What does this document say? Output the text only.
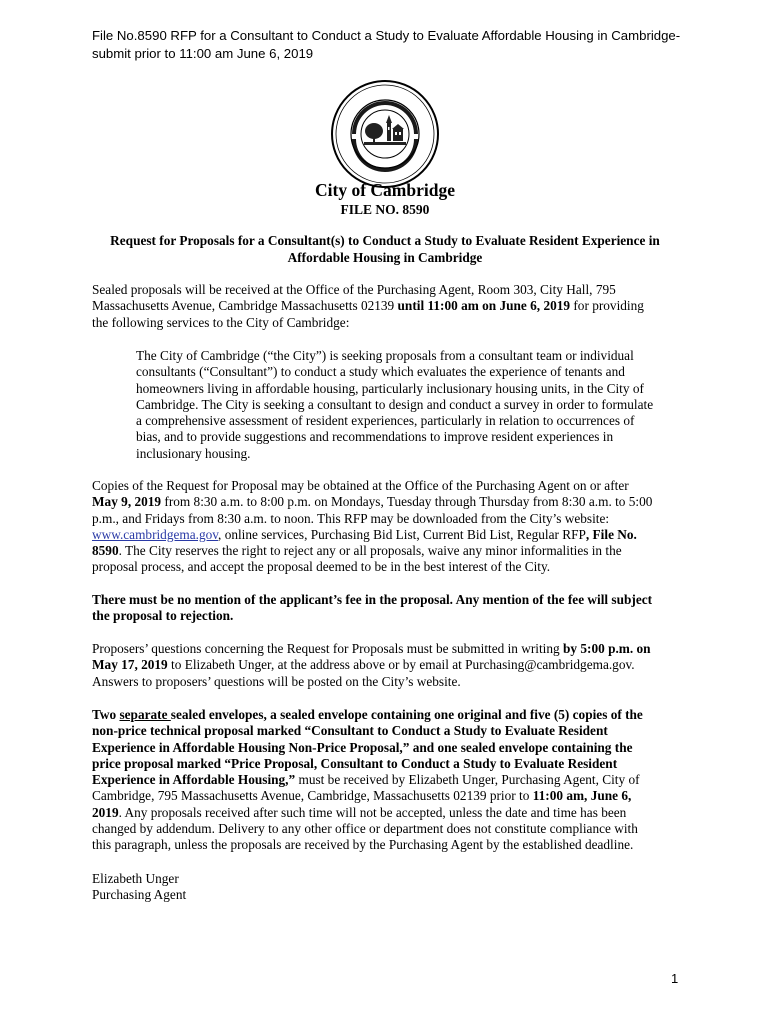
File No.8590 RFP for a Consultant to Conduct a Study to Evaluate Affordable Housing in Cambridge-
submit prior to 11:00 am June 6, 2019
City of Cambridge
FILE NO. 8590
Request for Proposals for a Consultant(s) to Conduct a Study to Evaluate Resident Experience in
Affordable Housing in Cambridge
Sealed proposals will be received at the Office of the Purchasing Agent, Room 303, City Hall, 795
Massachusetts Avenue, Cambridge Massachusetts 02139 until 11:00 am on June 6, 2019 for providing
the following services to the City of Cambridge:
The City of Cambridge (“the City”) is seeking proposals from a consultant team or individual
consultants (“Consultant”) to conduct a study which evaluates the experience of tenants and
homeowners living in affordable housing, particularly inclusionary housing units, in the City of
Cambridge. The City is seeking a consultant to design and conduct a survey in order to formulate
a comprehensive assessment of resident experiences, particularly in relation to occurrences of
bias, and to provide suggestions and recommendations to improve resident experiences in
inclusionary housing.
Copies of the Request for Proposal may be obtained at the Office of the Purchasing Agent on or after
May 9, 2019 from 8:30 a.m. to 8:00 p.m. on Mondays, Tuesday through Thursday from 8:30 a.m. to 5:00
p.m., and Fridays from 8:30 a.m. to noon. This RFP may be downloaded from the City’s website:
www.cambridgema.gov, online services, Purchasing Bid List, Current Bid List, Regular RFP, File No.
8590. The City reserves the right to reject any or all proposals, waive any minor informalities in the
proposal process, and accept the proposal deemed to be in the best interest of the City.
There must be no mention of the applicant’s fee in the proposal. Any mention of the fee will subject
the proposal to rejection.
Proposers’ questions concerning the Request for Proposals must be submitted in writing by 5:00 p.m. on
May 17, 2019 to Elizabeth Unger, at the address above or by email at Purchasing@cambridgema.gov.
Answers to proposers’ questions will be posted on the City’s website.
Two separate sealed envelopes, a sealed envelope containing one original and five (5) copies of the
non-price technical proposal marked “Consultant to Conduct a Study to Evaluate Resident
Experience in Affordable Housing Non-Price Proposal,” and one sealed envelope containing the
price proposal marked “Price Proposal, Consultant to Conduct a Study to Evaluate Resident
Experience in Affordable Housing,” must be received by Elizabeth Unger, Purchasing Agent, City of
Cambridge, 795 Massachusetts Avenue, Cambridge, Massachusetts 02139 prior to 11:00 am, June 6,
2019. Any proposals received after such time will not be accepted, unless the date and time has been
changed by addendum. Delivery to any other office or department does not constitute compliance with
this paragraph, unless the proposals are received by the Purchasing Agent by the established deadline.
Elizabeth Unger
Purchasing Agent
1
